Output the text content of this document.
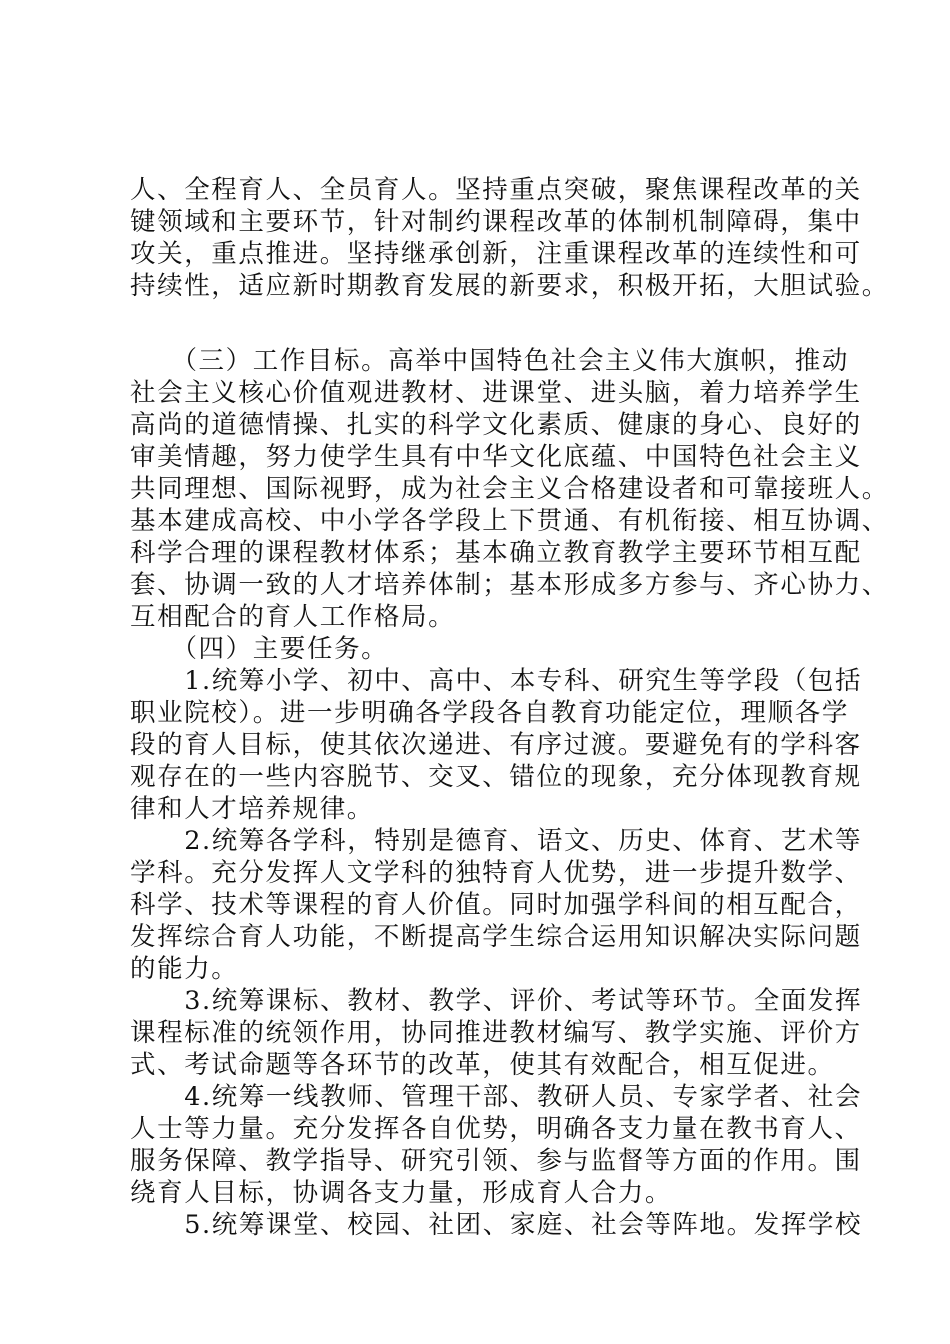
人、全程育人、全员育人。坚持重点突破，聚焦课程改革的关
键领域和主要环节，针对制约课程改革的体制机制障碍，集中
攻关，重点推进。坚持继承创新，注重课程改革的连续性和可
持续性，适应新时期教育发展的新要求，积极开拓，大胆试验。
　　（三）工作目标。高举中国特色社会主义伟大旗帜，推动
社会主义核心价值观进教材、进课堂、进头脑，着力培养学生
高尚的道德情操、扎实的科学文化素质、健康的身心、良好的
审美情趣，努力使学生具有中华文化底蕴、中国特色社会主义
共同理想、国际视野，成为社会主义合格建设者和可靠接班人。
基本建成高校、中小学各学段上下贯通、有机衔接、相互协调、
科学合理的课程教材体系；基本确立教育教学主要环节相互配
套、协调一致的人才培养体制；基本形成多方参与、齐心协力、
互相配合的育人工作格局。
　　（四）主要任务。
　　1.统筹小学、初中、高中、本专科、研究生等学段（包括
职业院校）。进一步明确各学段各自教育功能定位，理顺各学
段的育人目标，使其依次递进、有序过渡。要避免有的学科客
观存在的一些内容脱节、交叉、错位的现象，充分体现教育规
律和人才培养规律。
　　2.统筹各学科，特别是德育、语文、历史、体育、艺术等
学科。充分发挥人文学科的独特育人优势，进一步提升数学、
科学、技术等课程的育人价值。同时加强学科间的相互配合，
发挥综合育人功能，不断提高学生综合运用知识解决实际问题
的能力。
　　3.统筹课标、教材、教学、评价、考试等环节。全面发挥
课程标准的统领作用，协同推进教材编写、教学实施、评价方
式、考试命题等各环节的改革，使其有效配合，相互促进。
　　4.统筹一线教师、管理干部、教研人员、专家学者、社会
人士等力量。充分发挥各自优势，明确各支力量在教书育人、
服务保障、教学指导、研究引领、参与监督等方面的作用。围
绕育人目标，协调各支力量，形成育人合力。
　　5.统筹课堂、校园、社团、家庭、社会等阵地。发挥学校
